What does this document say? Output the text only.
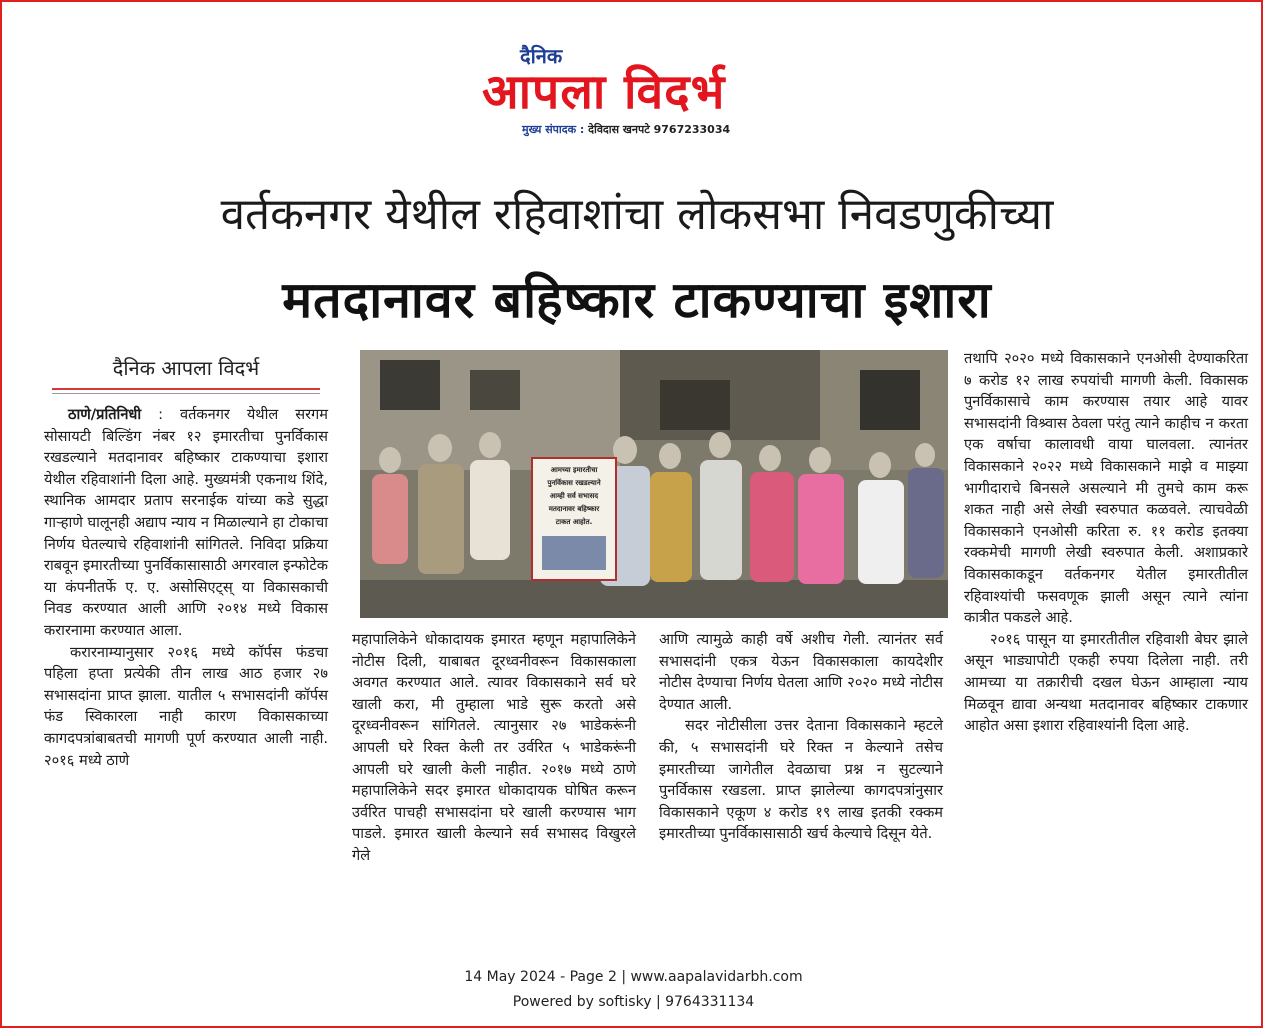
दैनिक
आपला विदर्भ
मुख्य संपादक : देविदास खनपटे 9767233034
वर्तकनगर येथील रहिवाशांचा लोकसभा निवडणुकीच्या
मतदानावर बहिष्कार टाकण्याचा इशारा
दैनिक आपला विदर्भ

ठाणे/प्रतिनिधी : वर्तकनगर येथील सरगम सोसायटी बिल्डिंग नंबर १२ इमारतीचा पुनर्विकास रखडल्याने मतदानावर बहिष्कार टाकण्याचा इशारा येथील रहिवाशांनी दिला आहे. मुख्यमंत्री एकनाथ शिंदे, स्थानिक आमदार प्रताप सरनाईक यांच्या कडे सुद्धा गाऱ्हाणे घालूनही अद्याप न्याय न मिळाल्याने हा टोकाचा निर्णय घेतल्याचे रहिवाशांनी सांगितले. निविदा प्रक्रिया राबवून इमारतीच्या पुनर्विकासासाठी अगरवाल इन्फोटेक या कंपनीतर्फे ए. ए. असोसिएट्स् या विकासकाची निवड करण्यात आली आणि २०१४ मध्ये विकास करारनामा करण्यात आला.

करारनाम्यानुसार २०१६ मध्ये कॉर्पस फंडचा पहिला हप्ता प्रत्येकी तीन लाख आठ हजार २७ सभासदांना प्राप्त झाला. यातील ५ सभासदांनी कॉर्पस फंड स्विकारला नाही कारण विकासकाच्या कागदपत्रांबाबतची मागणी पूर्ण करण्यात आली नाही. २०१६ मध्ये ठाणे

आमच्या इमारतीचा
पुनर्विकास रखडल्याने
आम्ही सर्व सभासद
मतदानावर बहिष्कार
टाकत आहोत.

महापालिकेने धोकादायक इमारत म्हणून महापालिकेने नोटीस दिली, याबाबत दूरध्वनीवरून विकासकाला अवगत करण्यात आले. त्यावर विकासकाने सर्व घरे खाली करा, मी तुम्हाला भाडे सुरू करतो असे दूरध्वनीवरून सांगितले. त्यानुसार २७ भाडेकरूंनी आपली घरे रिक्त केली तर उर्वरित ५ भाडेकरूंनी आपली घरे खाली केली नाहीत. २०१७ मध्ये ठाणे महापालिकेने सदर इमारत धोकादायक घोषित करून उर्वरित पाचही सभासदांना घरे खाली करण्यास भाग पाडले. इमारत खाली केल्याने सर्व सभासद विखुरले गेले

आणि त्यामुळे काही वर्षे अशीच गेली. त्यानंतर सर्व सभासदांनी एकत्र येऊन विकासकाला कायदेशीर नोटीस देण्याचा निर्णय घेतला आणि २०२० मध्ये नोटीस देण्यात आली.

सदर नोटीसीला उत्तर देताना विकासकाने म्हटले की, ५ सभासदांनी घरे रिक्त न केल्याने तसेच इमारतीच्या जागेतील देवळाचा प्रश्न न सुटल्याने पुनर्विकास रखडला. प्राप्त झालेल्या कागदपत्रांनुसार विकासकाने एकूण ४ करोड १९ लाख इतकी रक्कम इमारतीच्या पुनर्विकासासाठी खर्च केल्याचे दिसून येते.

तथापि २०२० मध्ये विकासकाने एनओसी देण्याकरिता ७ करोड १२ लाख रुपयांची मागणी केली. विकासक पुनर्विकासाचे काम करण्यास तयार आहे यावर सभासदांनी विश्र्वास ठेवला परंतु त्याने काहीच न करता एक वर्षाचा कालावधी वाया घालवला. त्यानंतर विकासकाने २०२२ मध्ये विकासकाने माझे व माझ्या भागीदाराचे बिनसले असल्याने मी तुमचे काम करू शकत नाही असे लेखी स्वरुपात कळवले. त्याचवेळी विकासकाने एनओसी करिता रु. ११ करोड इतक्या रक्कमेची मागणी लेखी स्वरुपात केली. अशाप्रकारे विकासकाकडून वर्तकनगर येतील इमारतीतील रहिवाश्यांची फसवणूक झाली असून त्याने त्यांना कात्रीत पकडले आहे.

२०१६ पासून या इमारतीतील रहिवाशी बेघर झाले असून भाड्यापोटी एकही रुपया दिलेला नाही. तरी आमच्या या तक्रारीची दखल घेऊन आम्हाला न्याय मिळवून द्यावा अन्यथा मतदानावर बहिष्कार टाकणार आहोत असा इशारा रहिवाश्यांनी दिला आहे.

14 May 2024 - Page 2 | www.aapalavidarbh.com
Powered by softisky | 9764331134
